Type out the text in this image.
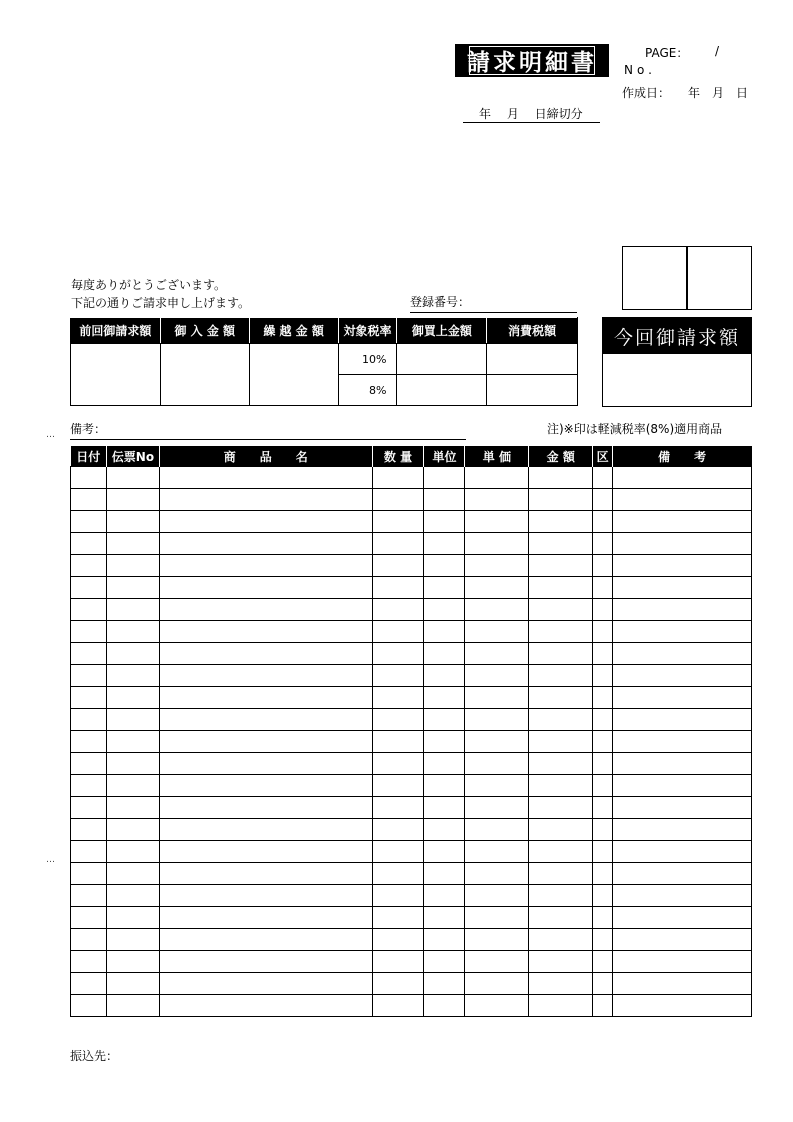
請求明細書	PAGE： /
No.
作成日： 年　月　日
年　 月　 日締切分
毎度ありがとうございます。
下記の通りご請求申し上げます。	登録番号：
前回御請求額	御 入 金 額	繰 越 金 額	対象税率	御買上金額	消費税額
			10%		
			8%		
今回御請求額
… 備考：	注)※印は軽減税率(8%)適用商品
日付	伝票No	商　　品　　名	数 量	単位	単 価	金 額	区	備　　考

…
振込先：
